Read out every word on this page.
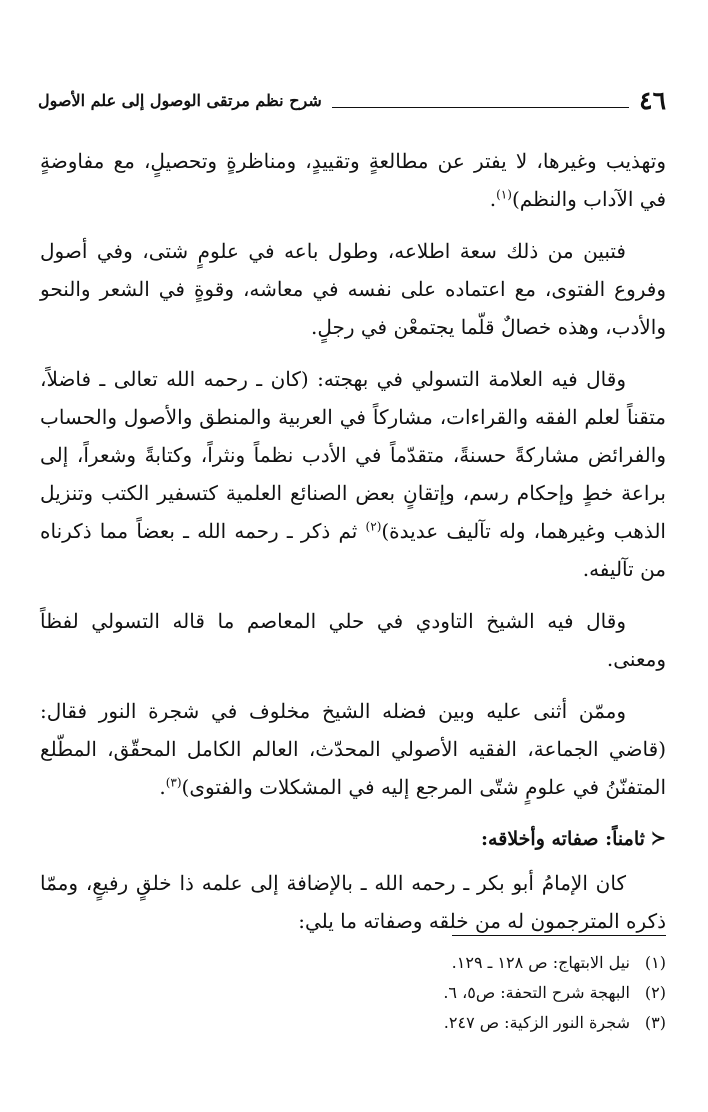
٤٦
شرح نظم مرتقى الوصول إلى علم الأصول

وتهذيب وغيرها، لا يفتر عن مطالعةٍ وتقييدٍ، ومناظرةٍ وتحصيلٍ، مع مفاوضةٍ في الآداب والنظم)$^{(١)}$.

فتبين من ذلك سعة اطلاعه، وطول باعه في علومٍ شتى، وفي أصول وفروع الفتوى، مع اعتماده على نفسه في معاشه، وقوةٍ في الشعر والنحو والأدب، وهذه خصالٌ قلّما يجتمعْن في رجلٍ.

وقال فيه العلامة التسولي في بهجته: (كان ـ رحمه الله تعالى ـ فاضلاً، متقناً لعلم الفقه والقراءات، مشاركاً في العربية والمنطق والأصول والحساب والفرائض مشاركةً حسنةً، متقدّماً في الأدب نظماً ونثراً، وكتابةً وشعراً، إلى براعة خطٍ وإحكام رسم، وإتقانٍ بعض الصنائع العلمية كتسفير الكتب وتنزيل الذهب وغيرهما، وله تآليف عديدة)$^{(٢)}$ ثم ذكر ـ رحمه الله ـ بعضاً مما ذكرناه من تآليفه.

وقال فيه الشيخ التاودي في حلي المعاصم ما قاله التسولي لفظاً ومعنى.

وممّن أثنى عليه وبين فضله الشيخ مخلوف في شجرة النور فقال: (قاضي الجماعة، الفقيه الأصولي المحدّث، العالم الكامل المحقّق، المطّلع المتفنّنُ في علومٍ شتّى المرجع إليه في المشكلات والفتوى)$^{(٣)}$.

≺
ثامناً: صفاته وأخلاقه:

كان الإمامُ أبو بكر ـ رحمه الله ـ بالإضافة إلى علمه ذا خلقٍ رفيعٍ، وممّا ذكره المترجمون له من خلقه وصفاته ما يلي:

(١)
نيل الابتهاج: ص ١٢٨ ـ ١٢٩.
(٢)
البهجة شرح التحفة: ص٥، ٦.
(٣)
شجرة النور الزكية: ص ٢٤٧.
